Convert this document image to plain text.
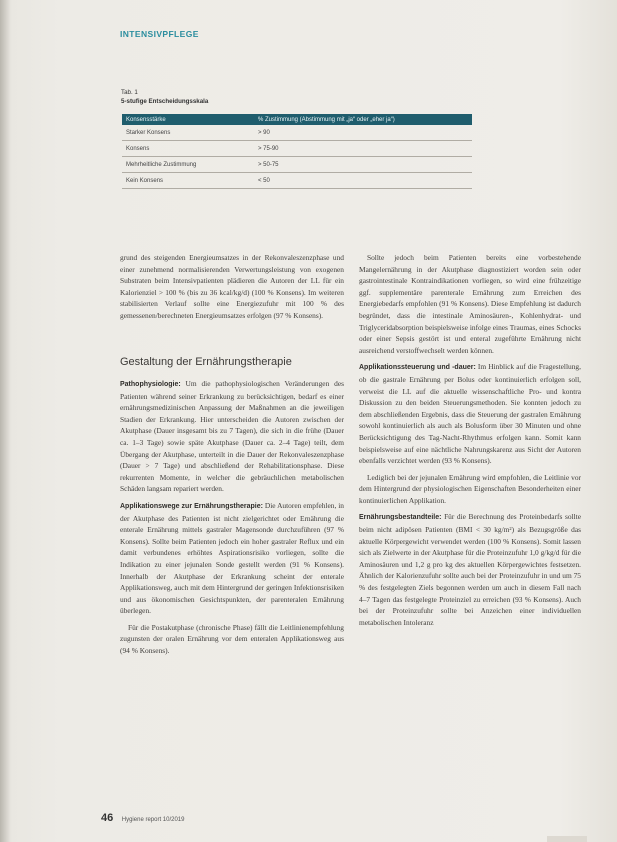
INTENSIVPFLEGE
Tab. 1
5-stufige Entscheidungsskala
Konsensstärke	% Zustimmung (Abstimmung mit „ja“ oder „eher ja“)
Starker Konsens	> 90
Konsens	> 75-90
Mehrheitliche Zustimmung	> 50-75
Kein Konsens	< 50

grund des steigenden Energieumsatzes in der Rekonvaleszenzphase und einer zunehmend normalisierenden Verwertungsleistung von exogenen Substraten beim Intensivpatienten plädieren die Autoren der LL für ein Kalorienziel > 100 % (bis zu 36 kcal/kg/d) (100 % Konsens). Im weiteren stabilisierten Verlauf sollte eine Energiezufuhr mit 100 % des gemessenen/berechneten Energieumsatzes erfolgen (97 % Konsens).

Gestaltung der Ernährungstherapie

Pathophysiologie: Um die pathophysiologischen Veränderungen des Patienten während seiner Erkrankung zu berücksichtigen, bedarf es einer ernährungsmedizinischen Anpassung der Maßnahmen an die jeweiligen Stadien der Erkrankung. Hier unterscheiden die Autoren zwischen der Akutphase (Dauer insgesamt bis zu 7 Tagen), die sich in die frühe (Dauer ca. 1–3 Tage) sowie späte Akutphase (Dauer ca. 2–4 Tage) teilt, dem Übergang der Akutphase, unterteilt in die Dauer der Rekonvaleszenzphase (Dauer > 7 Tage) und abschließend der Rehabilitationsphase. Diese rekurrenten Momente, in welcher die gebräuchlichen metabolischen Schäden langsam repariert werden.

Applikationswege zur Ernährungstherapie: Die Autoren empfehlen, in der Akutphase des Patienten ist nicht zielgerichtet oder Ernährung die enterale Ernährung mittels gastraler Magensonde durchzuführen (97 % Konsens). Sollte beim Patienten jedoch ein hoher gastraler Reflux und ein damit verbundenes erhöhtes Aspirationsrisiko vorliegen, sollte die Indikation zu einer jejunalen Sonde gestellt werden (91 % Konsens). Innerhalb der Akutphase der Erkrankung scheint der enterale Applikationsweg, auch mit dem Hintergrund der geringen Infektionsrisiken und aus ökonomischen Gesichtspunkten, der parenteralen Ernährung überlegen.

Für die Postakutphase (chronische Phase) fällt die Leitlinienempfehlung zugunsten der oralen Ernährung vor dem enteralen Applikationsweg aus (94 % Konsens).

Sollte jedoch beim Patienten bereits eine vorbestehende Mangelernährung in der Akutphase diagnostiziert worden sein oder gastrointestinale Kontraindikationen vorliegen, so wird eine frühzeitige ggf. supplementäre parenterale Ernährung zum Erreichen des Energiebedarfs empfohlen (91 % Konsens). Diese Empfehlung ist dadurch begründet, dass die intestinale Aminosäuren-, Kohlenhydrat- und Triglyceridabsorption beispielsweise infolge eines Traumas, eines Schocks oder einer Sepsis gestört ist und enteral zugeführte Ernährung nicht ausreichend verstoffwechselt werden können.

Applikationssteuerung und -dauer: Im Hinblick auf die Fragestellung, ob die gastrale Ernährung per Bolus oder kontinuierlich erfolgen soll, verweist die LL auf die aktuelle wissenschaftliche Pro- und kontra Diskussion zu den beiden Steuerungsmethoden. Sie konnten jedoch zu dem abschließenden Ergebnis, dass die Steuerung der gastralen Ernährung sowohl kontinuierlich als auch als Bolusform über 30 Minuten und ohne Berücksichtigung des Tag-Nacht-Rhythmus erfolgen kann. Somit kann beispielsweise auf eine nächtliche Nahrungskarenz aus Sicht der Autoren ebenfalls verzichtet werden (93 % Konsens).

Lediglich bei der jejunalen Ernährung wird empfohlen, die Leitlinie vor dem Hintergrund der physiologischen Eigenschaften Besonderheiten einer kontinuierlichen Applikation.

Ernährungsbestandteile: Für die Berechnung des Proteinbedarfs sollte beim nicht adipösen Patienten (BMI < 30 kg/m²) als Bezugsgröße das aktuelle Körpergewicht verwendet werden (100 % Konsens). Somit lassen sich als Zielwerte in der Akutphase für die Proteinzufuhr 1,0 g/kg/d für die Aminosäuren und 1,2 g pro kg des aktuellen Körpergewichtes festsetzen. Ähnlich der Kalorienzufuhr sollte auch bei der Proteinzufuhr in und um 75 % des festgelegten Ziels begonnen werden um auch in diesem Fall nach 4–7 Tagen das festgelegte Proteinziel zu erreichen (93 % Konsens). Auch bei der Proteinzufuhr sollte bei Anzeichen einer individuellen metabolischen Intoleranz

46 Hygiene report 10/2019
